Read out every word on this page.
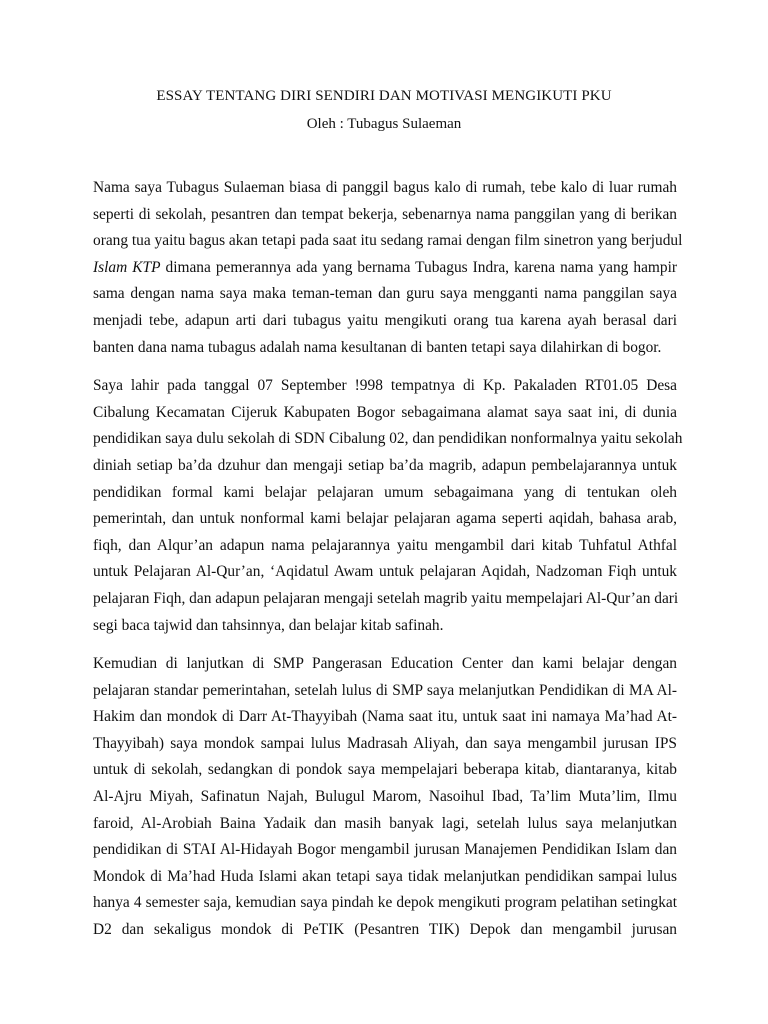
ESSAY TENTANG DIRI SENDIRI DAN MOTIVASI MENGIKUTI PKU

Oleh : Tubagus Sulaeman

Nama saya Tubagus Sulaeman biasa di panggil bagus kalo di rumah, tebe kalo di luar rumah
seperti di sekolah, pesantren dan tempat bekerja, sebenarnya nama panggilan yang di berikan
orang tua yaitu bagus akan tetapi pada saat itu sedang ramai dengan film sinetron yang berjudul
Islam KTP dimana pemerannya ada yang bernama Tubagus Indra, karena nama yang hampir
sama dengan nama saya maka teman-teman dan guru saya mengganti nama panggilan saya
menjadi tebe, adapun arti dari tubagus yaitu mengikuti orang tua karena ayah berasal dari
banten dana nama tubagus adalah nama kesultanan di banten tetapi saya dilahirkan di bogor.
Saya lahir pada tanggal 07 September !998 tempatnya di Kp. Pakaladen RT01.05 Desa
Cibalung Kecamatan Cijeruk Kabupaten Bogor sebagaimana alamat saya saat ini, di dunia
pendidikan saya dulu sekolah di SDN Cibalung 02, dan pendidikan nonformalnya yaitu sekolah
diniah setiap ba’da dzuhur dan mengaji setiap ba’da magrib, adapun pembelajarannya untuk
pendidikan formal kami belajar pelajaran umum sebagaimana yang di tentukan oleh
pemerintah, dan untuk nonformal kami belajar pelajaran agama seperti aqidah, bahasa arab,
fiqh, dan Alqur’an adapun nama pelajarannya yaitu mengambil dari kitab Tuhfatul Athfal
untuk Pelajaran Al-Qur’an, ‘Aqidatul Awam untuk pelajaran Aqidah, Nadzoman Fiqh untuk
pelajaran Fiqh, dan adapun pelajaran mengaji setelah magrib yaitu mempelajari Al-Qur’an dari
segi baca tajwid dan tahsinnya, dan belajar kitab safinah.
Kemudian di lanjutkan di SMP Pangerasan Education Center dan kami belajar dengan
pelajaran standar pemerintahan, setelah lulus di SMP saya melanjutkan Pendidikan di MA Al-
Hakim dan mondok di Darr At-Thayyibah (Nama saat itu, untuk saat ini namaya Ma’had At-
Thayyibah) saya mondok sampai lulus Madrasah Aliyah, dan saya mengambil jurusan IPS
untuk di sekolah, sedangkan di pondok saya mempelajari beberapa kitab, diantaranya, kitab
Al-Ajru Miyah, Safinatun Najah, Bulugul Marom, Nasoihul Ibad, Ta’lim Muta’lim, Ilmu
faroid, Al-Arobiah Baina Yadaik dan masih banyak lagi, setelah lulus saya melanjutkan
pendidikan di STAI Al-Hidayah Bogor mengambil jurusan Manajemen Pendidikan Islam dan
Mondok di Ma’had Huda Islami akan tetapi saya tidak melanjutkan pendidikan sampai lulus
hanya 4 semester saja, kemudian saya pindah ke depok mengikuti program pelatihan setingkat
D2 dan sekaligus mondok di PeTIK (Pesantren TIK) Depok dan mengambil jurusan
